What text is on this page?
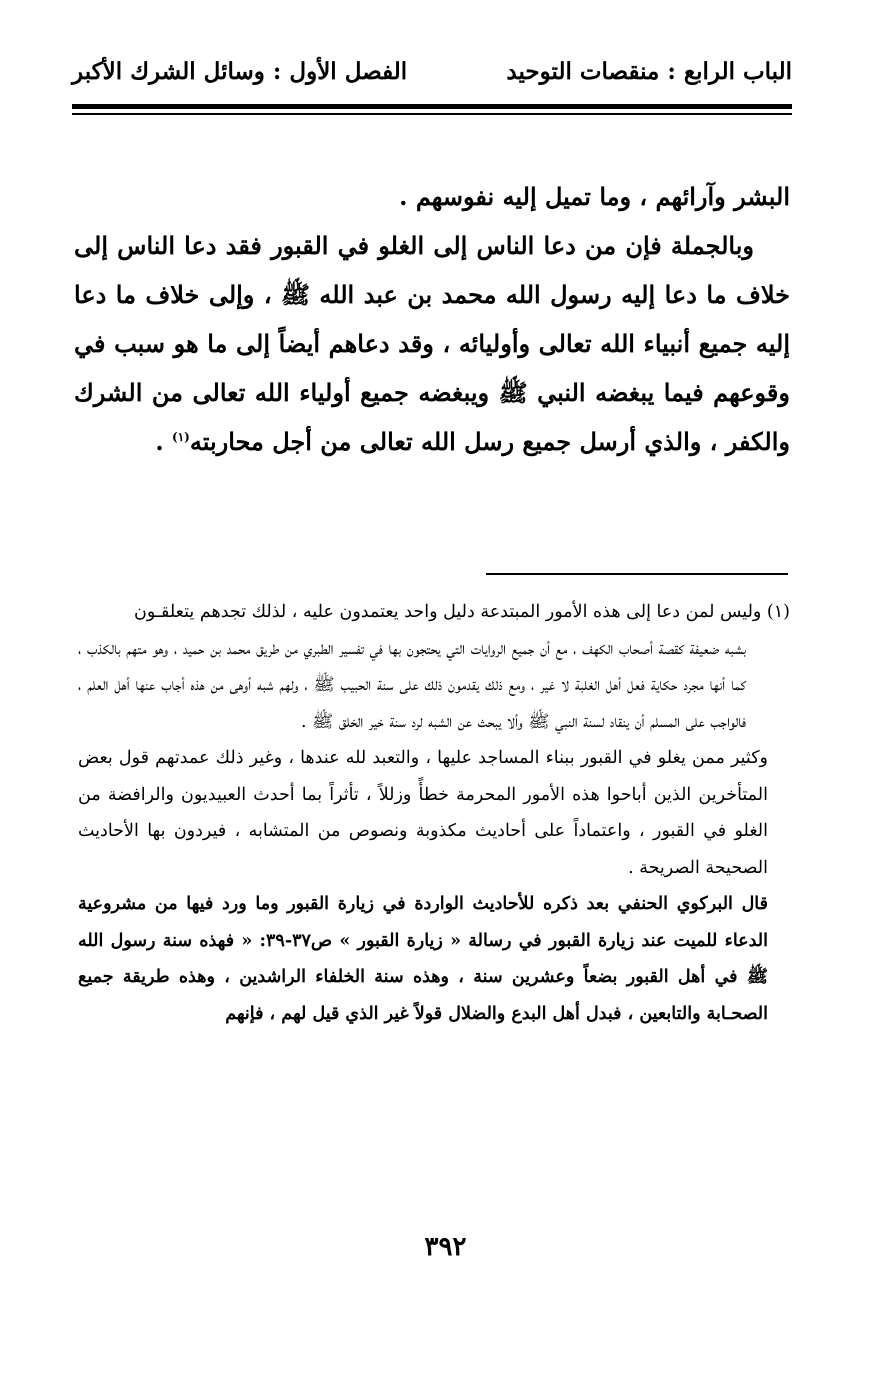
الباب الرابع : منقصات التوحيد
الفصل الأول : وسائل الشرك الأكبر

البشر وآرائهم ، وما تميل إليه نفوسهم .

وبالجملة فإن من دعا الناس إلى الغلو في القبور فقد دعا الناس إلى خلاف ما دعا إليه رسول الله محمد بن عبد الله ﷺ ، وإلى خلاف ما دعا إليه جميع أنبياء الله تعالى وأوليائه ، وقد دعاهم أيضاً إلى ما هو سبب في وقوعهم فيما يبغضه النبي ﷺ ويبغضه جميع أولياء الله تعالى من الشرك والكفر ، والذي أرسل جميع رسل الله تعالى من أجل محاربته$^{(١)}$ .

(١) وليس لمن دعا إلى هذه الأمور المبتدعة دليل واحد يعتمدون عليه ، لذلك تجدهم يتعلقـون

بشبه ضعيفة كقصة أصحاب الكهف ، مع أن جميع الروايات التي يحتجون بها في تفسير الطبري من طريق محمد بن حميد ، وهو متهم بالكذب ، كما أنها مجرد حكاية فعل أهل الغلبة لا غير ، ومع ذلك يقدمون ذلك على سنة الحبيب ﷺ ، ولهم شبه أوهى من هذه أجاب عنها أهل العلم ، فالواجب على المسلم أن ينقاد لسنة النبي ﷺ وألا يبحث عن الشبه لرد سنة خير الخلق ﷺ .

وكثير ممن يغلو في القبور ببناء المساجد عليها ، والتعبد لله عندها ، وغير ذلك عمدتهم قول بعض المتأخرين الذين أباحوا هذه الأمور المحرمة خطأً وزللاً ، تأثراً بما أحدث العبيديون والرافضة من الغلو في القبور ، واعتماداً على أحاديث مكذوبة ونصوص من المتشابه ، فيردون بها الأحاديث الصحيحة الصريحة .

قال البركوي الحنفي بعد ذكره للأحاديث الواردة في زيارة القبور وما ورد فيها من مشروعية الدعاء للميت عند زيارة القبور في رسالة « زيارة القبور » ص٣٧-٣٩: « فهذه سنة رسول الله ﷺ في أهل القبور بضعاً وعشرين سنة ، وهذه سنة الخلفاء الراشدين ، وهذه طريقة جميع الصحـابة والتابعين ، فبدل أهل البدع والضلال قولاً غير الذي قيل لهم ، فإنهم

٣٩٢
